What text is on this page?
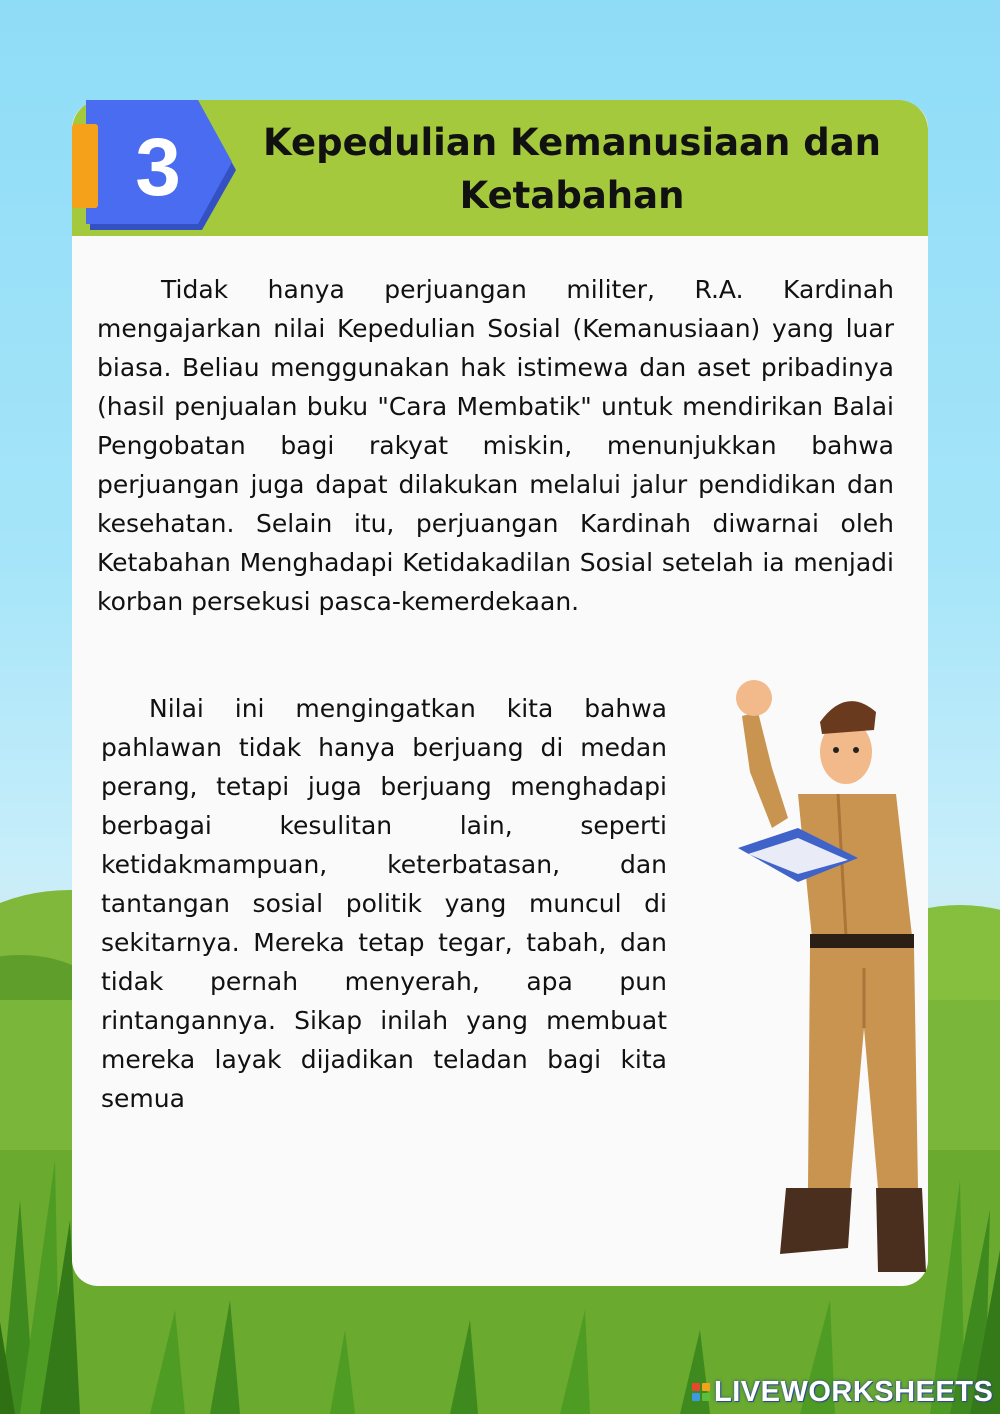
3	Kepedulian Kemanusiaan dan Ketabahan

Tidak hanya perjuangan militer, R.A. Kardinah mengajarkan nilai Kepedulian Sosial (Kemanusiaan) yang luar biasa. Beliau menggunakan hak istimewa dan aset pribadinya (hasil penjualan buku "Cara Membatik" untuk mendirikan Balai Pengobatan bagi rakyat miskin, menunjukkan bahwa perjuangan juga dapat dilakukan melalui jalur pendidikan dan kesehatan. Selain itu, perjuangan Kardinah diwarnai oleh Ketabahan Menghadapi Ketidakadilan Sosial setelah ia menjadi korban persekusi pasca-kemerdekaan.

Nilai ini mengingatkan kita bahwa pahlawan tidak hanya berjuang di medan perang, tetapi juga berjuang menghadapi berbagai kesulitan lain, seperti ketidakmampuan, keterbatasan, dan tantangan sosial politik yang muncul di sekitarnya. Mereka tetap tegar, tabah, dan tidak pernah menyerah, apa pun rintangannya. Sikap inilah yang membuat mereka layak dijadikan teladan bagi kita semua

LIVEWORKSHEETS
